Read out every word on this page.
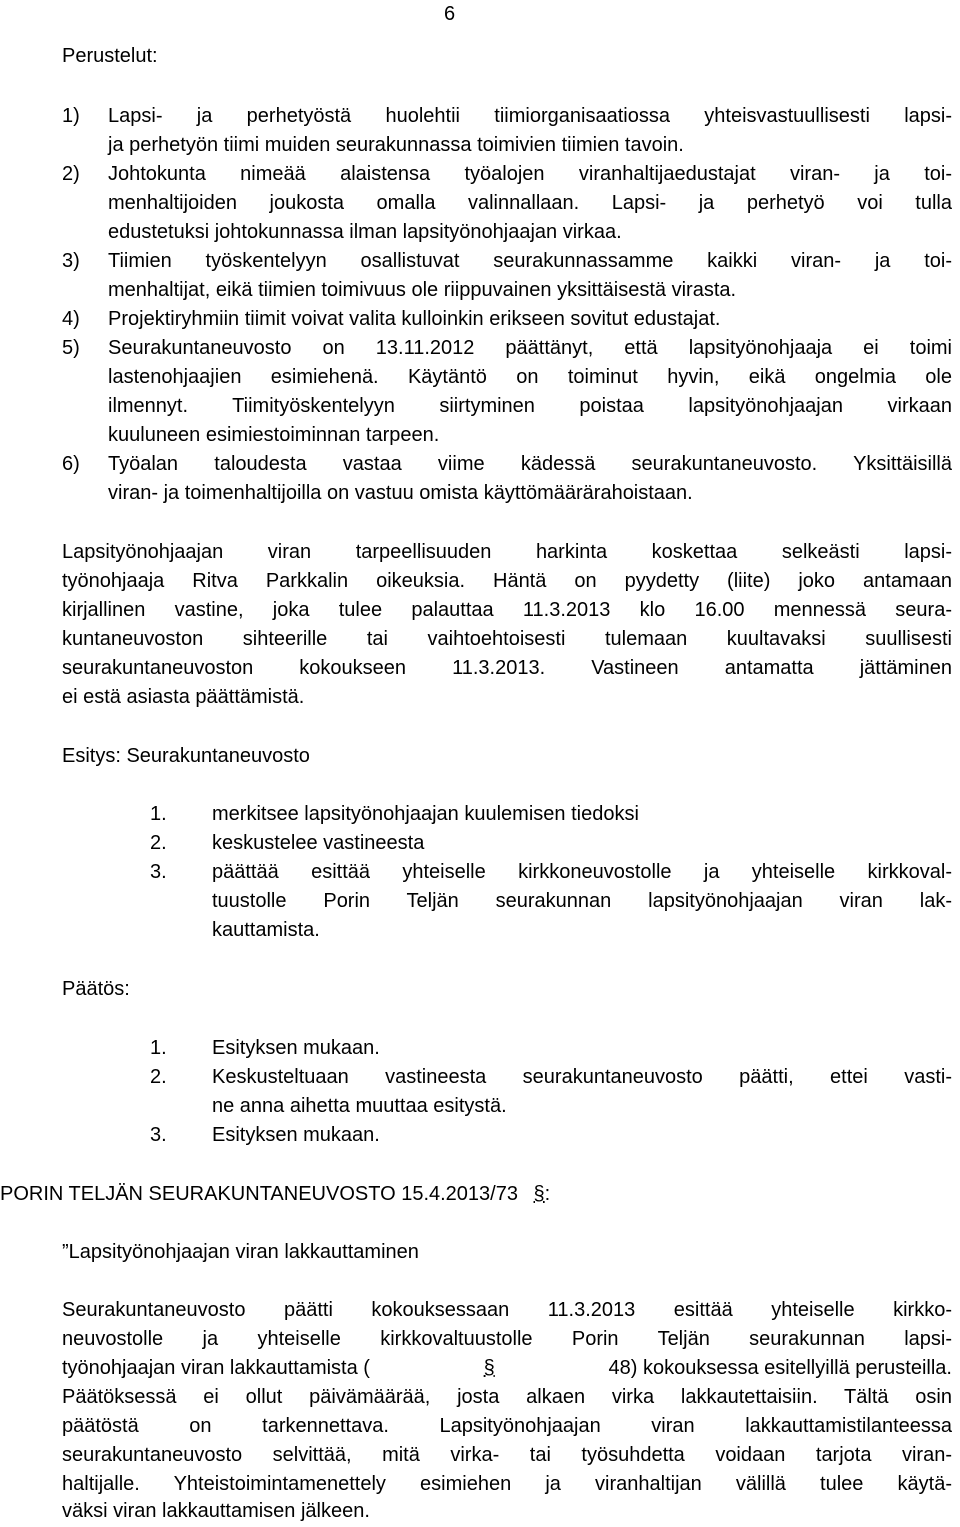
6
Perustelut:
1) Lapsi- ja perhetyöstä huolehtii tiimiorganisaatiossa yhteisvastuullisesti lapsi-
ja perhetyön tiimi muiden seurakunnassa toimivien tiimien tavoin.
2) Johtokunta nimeää alaistensa työalojen viranhaltijaedustajat viran- ja toi-
menhaltijoiden joukosta omalla valinnallaan. Lapsi- ja perhetyö voi tulla
edustetuksi johtokunnassa ilman lapsityönohjaajan virkaa.
3) Tiimien työskentelyyn osallistuvat seurakunnassamme kaikki viran- ja toi-
menhaltijat, eikä tiimien toimivuus ole riippuvainen yksittäisestä virasta.
4) Projektiryhmiin tiimit voivat valita kulloinkin erikseen sovitut edustajat.
5) Seurakuntaneuvosto on 13.11.2012 päättänyt, että lapsityönohjaaja ei toimi
lastenohjaajien esimiehenä. Käytäntö on toiminut hyvin, eikä ongelmia ole
ilmennyt. Tiimityöskentelyyn siirtyminen poistaa lapsityönohjaajan virkaan
kuuluneen esimiestoiminnan tarpeen.
6) Työalan taloudesta vastaa viime kädessä seurakuntaneuvosto. Yksittäisillä
viran- ja toimenhaltijoilla on vastuu omista käyttömäärärahoistaan.
Lapsityönohjaajan viran tarpeellisuuden harkinta koskettaa selkeästi lapsi-
työnohjaaja Ritva Parkkalin oikeuksia. Häntä on pyydetty (liite) joko antamaan
kirjallinen vastine, joka tulee palauttaa 11.3.2013 klo 16.00 mennessä seura-
kuntaneuvoston sihteerille tai vaihtoehtoisesti tulemaan kuultavaksi suullisesti
seurakuntaneuvoston kokoukseen 11.3.2013. Vastineen antamatta jättäminen
ei estä asiasta päättämistä.
Esitys: Seurakuntaneuvosto
1. merkitsee lapsityönohjaajan kuulemisen tiedoksi
2. keskustelee vastineesta
3. päättää esittää yhteiselle kirkkoneuvostolle ja yhteiselle kirkkoval-
tuustolle Porin Teljän seurakunnan lapsityönohjaajan viran lak-
kauttamista.
Päätös:
1. Esityksen mukaan.
2. Keskusteltuaan vastineesta seurakuntaneuvosto päätti, ettei vasti-
ne anna aihetta muuttaa esitystä.
3. Esityksen mukaan.
PORIN TELJÄN SEURAKUNTANEUVOSTO 15.4.2013/73 §:
”Lapsityönohjaajan viran lakkauttaminen
Seurakuntaneuvosto päätti kokouksessaan 11.3.2013 esittää yhteiselle kirkko-
neuvostolle ja yhteiselle kirkkovaltuustolle Porin Teljän seurakunnan lapsi-
työnohjaajan viran lakkauttamista (	§	48) kokouksessa esitellyillä perusteilla.
Päätöksessä ei ollut päivämäärää, josta alkaen virka lakkautettaisiin. Tältä osin
päätöstä on tarkennettava. Lapsityönohjaajan viran lakkauttamistilanteessa
seurakuntaneuvosto selvittää, mitä virka- tai työsuhdetta voidaan tarjota viran-
haltijalle. Yhteistoimintamenettely esimiehen ja viranhaltijan välillä tulee käytä-
väksi viran lakkauttamisen jälkeen.
